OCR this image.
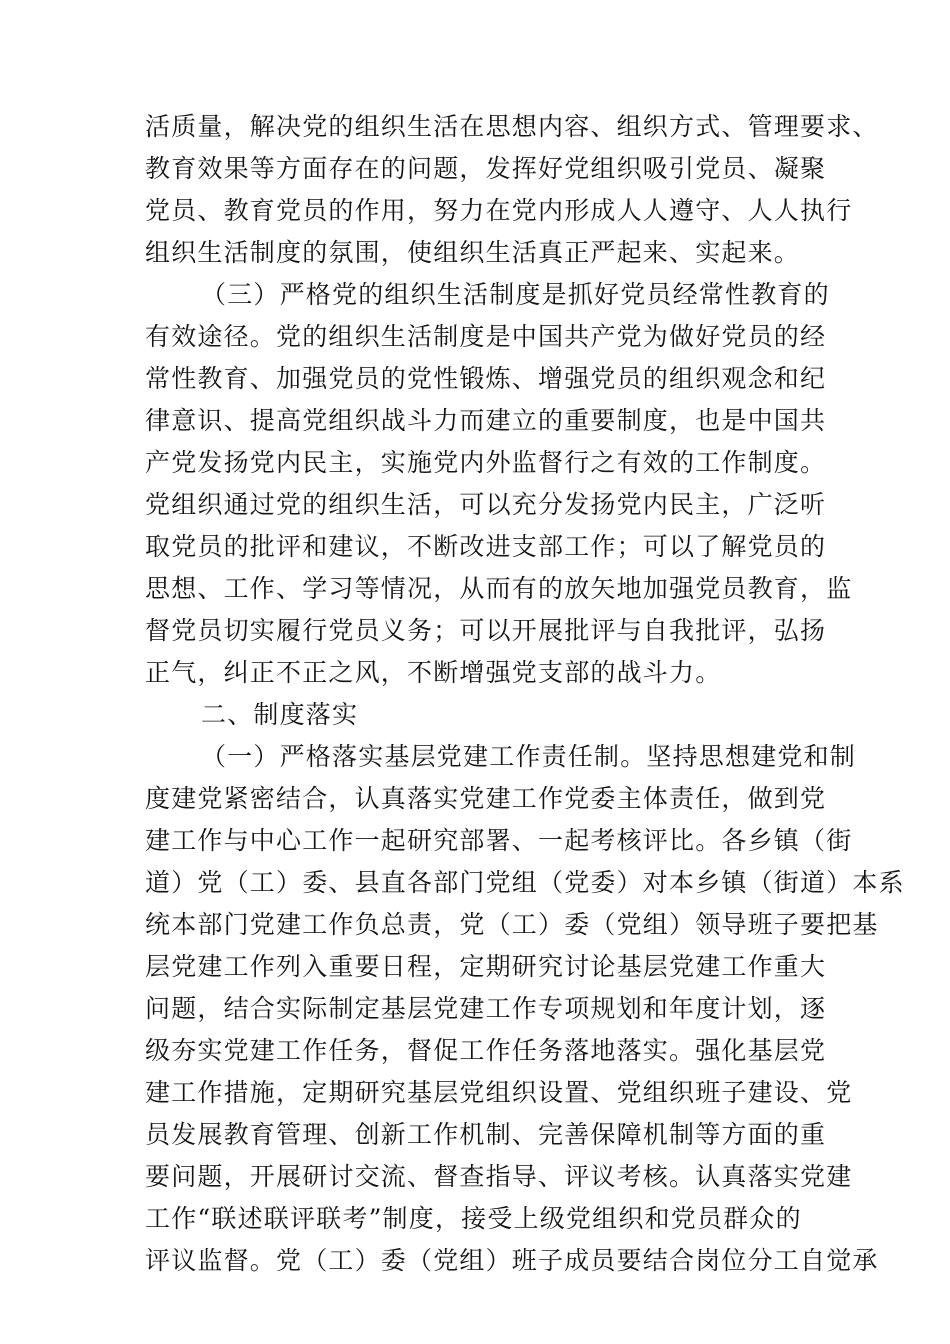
活质量，解决党的组织生活在思想内容、组织方式、管理要求、
教育效果等方面存在的问题，发挥好党组织吸引党员、凝聚
党员、教育党员的作用，努力在党内形成人人遵守、人人执行
组织生活制度的氛围，使组织生活真正严起来、实起来。
（三）严格党的组织生活制度是抓好党员经常性教育的
有效途径。党的组织生活制度是中国共产党为做好党员的经
常性教育、加强党员的党性锻炼、增强党员的组织观念和纪
律意识、提高党组织战斗力而建立的重要制度，也是中国共
产党发扬党内民主，实施党内外监督行之有效的工作制度。
党组织通过党的组织生活，可以充分发扬党内民主，广泛听
取党员的批评和建议，不断改进支部工作；可以了解党员的
思想、工作、学习等情况，从而有的放矢地加强党员教育，监
督党员切实履行党员义务；可以开展批评与自我批评，弘扬
正气，纠正不正之风，不断增强党支部的战斗力。
二、制度落实
（一）严格落实基层党建工作责任制。坚持思想建党和制
度建党紧密结合，认真落实党建工作党委主体责任，做到党
建工作与中心工作一起研究部署、一起考核评比。各乡镇（街
道）党（工）委、县直各部门党组（党委）对本乡镇（街道）本系
统本部门党建工作负总责，党（工）委（党组）领导班子要把基
层党建工作列入重要日程，定期研究讨论基层党建工作重大
问题，结合实际制定基层党建工作专项规划和年度计划，逐
级夯实党建工作任务，督促工作任务落地落实。强化基层党
建工作措施，定期研究基层党组织设置、党组织班子建设、党
员发展教育管理、创新工作机制、完善保障机制等方面的重
要问题，开展研讨交流、督查指导、评议考核。认真落实党建
工作“联述联评联考”制度，接受上级党组织和党员群众的
评议监督。党（工）委（党组）班子成员要结合岗位分工自觉承
